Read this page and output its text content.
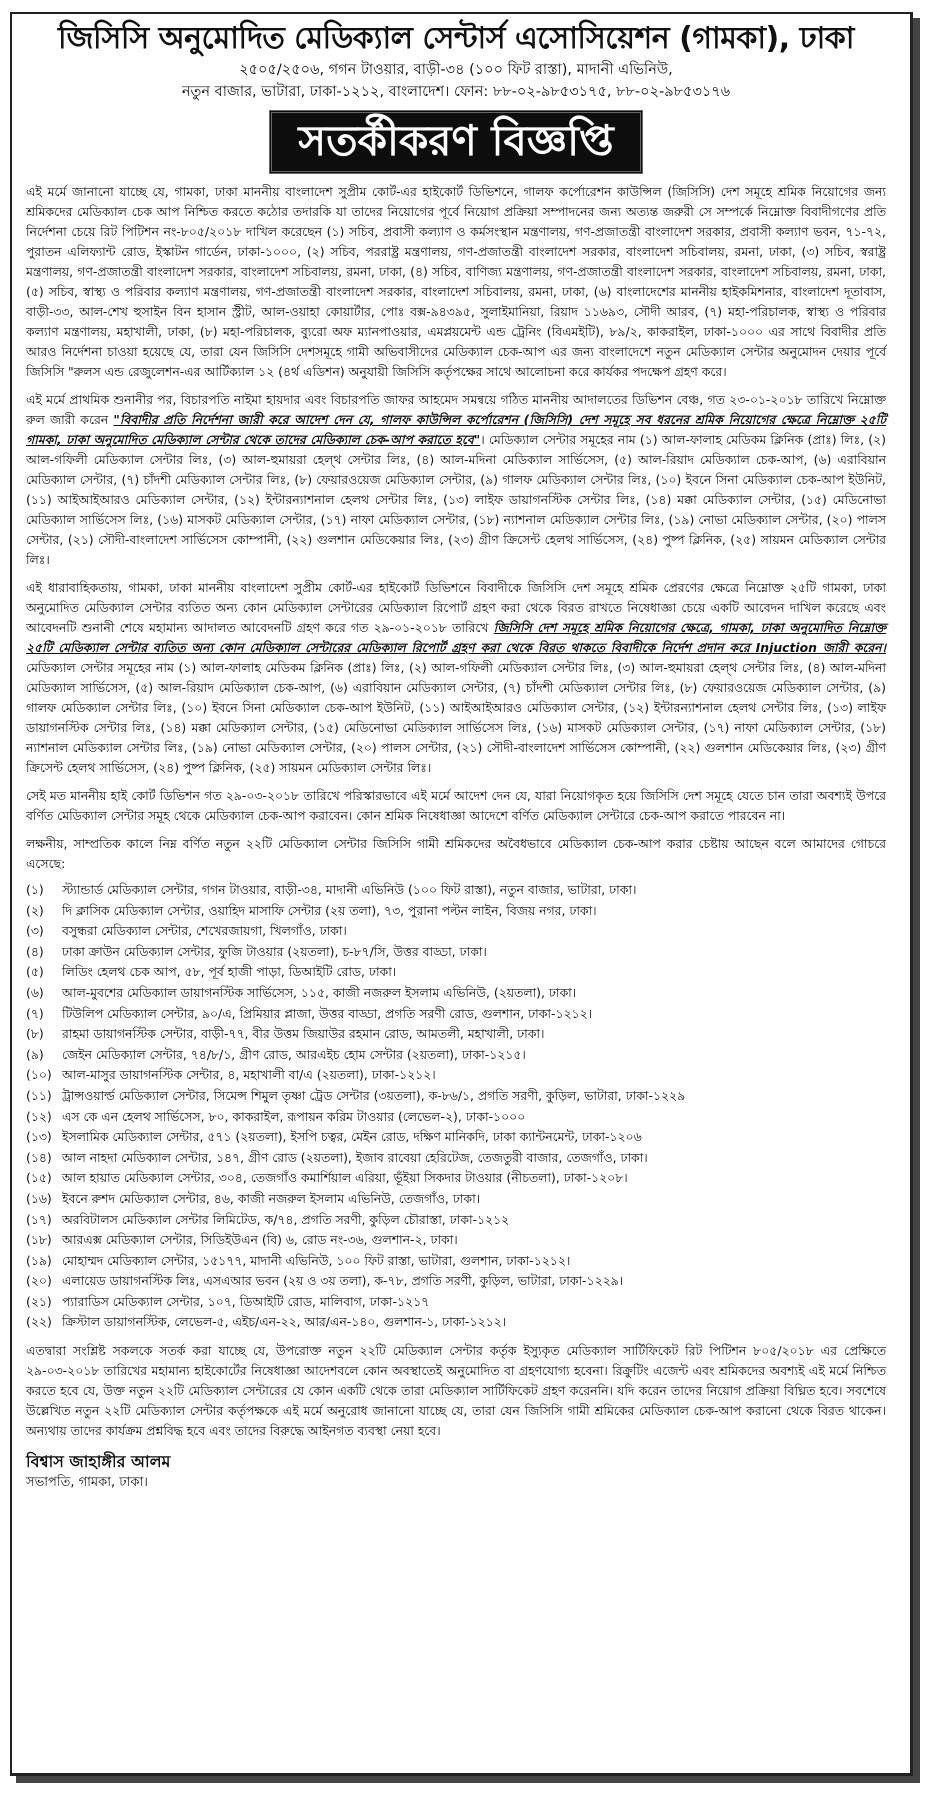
জিসিসি অনুমোদিত মেডিক্যাল সেন্টার্স এসোসিয়েশন (গামকা), ঢাকা

২৫০৫/২৫০৬, গগন টাওয়ার, বাড়ী-৩৪ (১০০ ফিট রাস্তা), মাদানী এভিনিউ,

নতুন বাজার, ভাটারা, ঢাকা-১২১২, বাংলাদেশ। ফোন: ৮৮-০২-৯৮৫৩১৭৫, ৮৮-০২-৯৮৫৩১৭৬

সতর্কীকরণ বিজ্ঞপ্তি

এই মর্মে জানানো যাচ্ছে যে, গামকা, ঢাকা মাননীয় বাংলাদেশ সুপ্রীম কোর্ট-এর হাইকোর্ট ডিভিশনে, গালফ কর্পোরেশন কাউন্সিল (জিসিসি) দেশ সমূহে শ্রমিক নিয়োগের জন্য শ্রমিকদের মেডিক্যাল চেক আপ নিশ্চিত করতে কঠোর তদারকি যা তাদের নিয়োগের পূর্বে নিয়োগ প্রক্রিয়া সম্পাদনের জন্য অত্যন্ত জরুরী সে সম্পর্কে নিম্নোক্ত বিবাদীগণের প্রতি নির্দেশনা চেয়ে রিট পিটিশন নং-৮০৫/২০১৮ দাখিল করেছেন (১) সচিব, প্রবাসী কল্যাণ ও কর্মসংস্থান মন্ত্রণালয়, গণ-প্রজাতন্ত্রী বাংলাদেশ সরকার, প্রবাসী কল্যাণ ভবন, ৭১-৭২, পুরাতন এলিফ্যান্ট রোড, ইস্কাটন গার্ডেন, ঢাকা-১০০০, (২) সচিব, পররাষ্ট্র মন্ত্রণালয়, গণ-প্রজাতন্ত্রী বাংলাদেশ সরকার, বাংলাদেশ সচিবালয়, রমনা, ঢাকা, (৩) সচিব, স্বরাষ্ট্র মন্ত্রণালয়, গণ-প্রজাতন্ত্রী বাংলাদেশ সরকার, বাংলাদেশ সচিবালয়, রমনা, ঢাকা, (৪) সচিব, বাণিজ্য মন্ত্রণালয়, গণ-প্রজাতন্ত্রী বাংলাদেশ সরকার, বাংলাদেশ সচিবালয়, রমনা, ঢাকা, (৫) সচিব, স্বাস্থ্য ও পরিবার কল্যাণ মন্ত্রণালয়, গণ-প্রজাতন্ত্রী বাংলাদেশ সরকার, বাংলাদেশ সচিবালয়, রমনা, ঢাকা, (৬) বাংলাদেশের মাননীয় হাইকমিশনার, বাংলাদেশ দূতাবাস, বাড়ী-৩৩, আল-শেখ হুসাইন বিন হাসান স্ট্রীট, আল-ওয়াহা কোয়ার্টার, পোঃ বক্স-৯৪৩৯৫, সুলাইমানিয়া, রিয়াদ ১১৬৯৩, সৌদী আরব, (৭) মহা-পরিচালক, স্বাস্থ্য ও পরিবার কল্যাণ মন্ত্রণালয়, মহাখালী, ঢাকা, (৮) মহা-পরিচালক, ব্যুরো অফ ম্যানপাওয়ার, এমপ্লয়মেন্ট এন্ড ট্রেনিং (বিএমইটি), ৮৯/২, কাকরাইল, ঢাকা-১০০০ এর সাথে বিবাদীর প্রতি আরও নির্দেশনা চাওয়া হয়েছে যে, তারা যেন জিসিসি দেশসমূহে গামী অভিবাসীদের মেডিক্যাল চেক-আপ এর জন্য বাংলাদেশে নতুন মেডিক্যাল সেন্টার অনুমোদন দেয়ার পূর্বে জিসিসি "রুলস এন্ড রেজুলেশন-এর আর্টিক্যাল ১২ (৪র্থ এডিশন) অনুযায়ী জিসিসি কর্তৃপক্ষের সাথে আলোচনা করে কার্যকর পদক্ষেপ গ্রহণ করে।

এই মর্মে প্রাথমিক শুনানীর পর, বিচারপতি নাইমা হায়দার এবং বিচারপতি জাফর আহমেদ সমন্বয়ে গঠিত মাননীয় আদালতের ডিভিশন বেঞ্চ, গত ২৩-০১-২০১৮ তারিখে নিম্নোক্ত রুল জারী করেন "বিবাদীর প্রতি নির্দেশনা জারী করে আদেশ দেন যে, গালফ কাউন্সিল কর্পোরেশন (জিসিসি) দেশ সমূহে সব ধরনের শ্রমিক নিয়োগের ক্ষেত্রে নিম্নোক্ত ২৫টি গামকা, ঢাকা অনুমোদিত মেডিক্যাল সেন্টার থেকে তাদের মেডিক্যাল চেক-আপ করাতে হবে"। মেডিক্যাল সেন্টার সমূহের নাম (১) আল-ফালাহ মেডিকম ক্লিনিক (প্রাঃ) লিঃ, (২) আল-গফিলী মেডিক্যাল সেন্টার লিঃ, (৩) আল-হুমায়রা হেল্থ সেন্টার লিঃ, (৪) আল-মদিনা মেডিক্যাল সার্ভিসেস, (৫) আল-রিয়াদ মেডিক্যাল চেক-আপ, (৬) এরাবিয়ান মেডিক্যাল সেন্টার, (৭) চাঁদশী মেডিক্যাল সেন্টার লিঃ, (৮) ফেয়ারওয়েজ মেডিক্যাল সেন্টার, (৯) গালফ মেডিক্যাল সেন্টার লিঃ, (১০) ইবনে সিনা মেডিক্যাল চেক-আপ ইউনিট, (১১) আইআইআরও মেডিক্যাল সেন্টার, (১২) ইন্টারন্যাশনাল হেলথ সেন্টার লিঃ, (১৩) লাইফ ডায়াগনস্টিক সেন্টার লিঃ, (১৪) মক্কা মেডিক্যাল সেন্টার, (১৫) মেডিনোভা মেডিক্যাল সার্ভিসেস লিঃ, (১৬) মাসকট মেডিক্যাল সেন্টার, (১৭) নাফা মেডিক্যাল সেন্টার, (১৮) ন্যাশনাল মেডিক্যাল সেন্টার লিঃ, (১৯) নোভা মেডিক্যাল সেন্টার, (২০) পালস সেন্টার, (২১) সৌদী-বাংলাদেশ সার্ভিসেস কোম্পানী, (২২) গুলশান মেডিকেয়ার লিঃ, (২৩) গ্রীণ ক্রিসেন্ট হেলথ সার্ভিসেস, (২৪) পুষ্প ক্লিনিক, (২৫) সায়মন মেডিক্যাল সেন্টার লিঃ।

এই ধারাবাহিকতায়, গামকা, ঢাকা মাননীয় বাংলাদেশ সুপ্রীম কোর্ট-এর হাইকোর্ট ডিভিশনে বিবাদীকে জিসিসি দেশ সমূহে শ্রমিক প্রেরণের ক্ষেত্রে নিম্নোক্ত ২৫টি গামকা, ঢাকা অনুমোদিত মেডিক্যাল সেন্টার ব্যতিত অন্য কোন মেডিক্যাল সেন্টারের মেডিক্যাল রিপোর্ট গ্রহণ করা থেকে বিরত রাখতে নিষেধাজ্ঞা চেয়ে একটি আবেদন দাখিল করেছে এবং আবেদনটি শুনানী শেষে মহামান্য আদালত আবেদনটি গ্রহণ করে গত ২৯-০১-২০১৮ তারিখে জিসিসি দেশ সমূহে শ্রমিক নিয়োগের ক্ষেত্রে, গামকা, ঢাকা অনুমোদিত নিম্নোক্ত ২৫টি মেডিক্যাল সেন্টার ব্যতিত অন্য কোন মেডিক্যাল সেন্টারের মেডিক্যাল রিপোর্ট গ্রহণ করা থেকে বিরত থাকতে বিবাদীকে নির্দেশ প্রদান করে Injuction জারী করেন। মেডিক্যাল সেন্টার সমূহের নাম (১) আল-ফালাহ মেডিকম ক্লিনিক (প্রাঃ) লিঃ, (২) আল-গফিলী মেডিক্যাল সেন্টার লিঃ, (৩) আল-হুমায়রা হেল্থ সেন্টার লিঃ, (৪) আল-মদিনা মেডিক্যাল সার্ভিসেস, (৫) আল-রিয়াদ মেডিক্যাল চেক-আপ, (৬) এরাবিয়ান মেডিক্যাল সেন্টার, (৭) চাঁদশী মেডিক্যাল সেন্টার লিঃ, (৮) ফেয়ারওয়েজ মেডিক্যাল সেন্টার, (৯) গালফ মেডিক্যাল সেন্টার লিঃ, (১০) ইবনে সিনা মেডিক্যাল চেক-আপ ইউনিট, (১১) আইআইআরও মেডিক্যাল সেন্টার, (১২) ইন্টারন্যাশনাল হেলথ সেন্টার লিঃ, (১৩) লাইফ ডায়াগনস্টিক সেন্টার লিঃ, (১৪) মক্কা মেডিক্যাল সেন্টার, (১৫) মেডিনোভা মেডিক্যাল সার্ভিসেস লিঃ, (১৬) মাসকট মেডিক্যাল সেন্টার, (১৭) নাফা মেডিক্যাল সেন্টার, (১৮) ন্যাশনাল মেডিক্যাল সেন্টার লিঃ, (১৯) নোভা মেডিক্যাল সেন্টার, (২০) পালস সেন্টার, (২১) সৌদী-বাংলাদেশ সার্ভিসেস কোম্পানী, (২২) গুলশান মেডিকেয়ার লিঃ, (২৩) গ্রীণ ক্রিসেন্ট হেলথ সার্ভিসেস, (২৪) পুষ্প ক্লিনিক, (২৫) সায়মন মেডিক্যাল সেন্টার লিঃ।

সেই মত মাননীয় হাই কোর্ট ডিভিশন গত ২৯-০৩-২০১৮ তারিখে পরিস্কারভাবে এই মর্মে আদেশ দেন যে, যারা নিয়োগকৃত হয়ে জিসিসি দেশ সমূহে যেতে চান তারা অবশ্যই উপরে বর্ণিত মেডিক্যাল সেন্টার সমূহ থেকে মেডিক্যাল চেক-আপ করাবেন। কোন শ্রমিক নিষেধাজ্ঞা আদেশে বর্ণিত মেডিক্যাল সেন্টারে চেক-আপ করাতে পারবেন না।

লক্ষনীয়, সাম্প্রতিক কালে নিম্ন বর্ণিত নতুন ২২টি মেডিক্যাল সেন্টার জিসিসি গামী শ্রমিকদের অবৈধভাবে মেডিক্যাল চেক-আপ করার চেষ্টায় আছেন বলে আমাদের গোচরে এসেছে:

(১)	স্ট্যান্ডার্ড মেডিক্যাল সেন্টার, গগন টাওয়ার, বাড়ী-৩৪, মাদানী এভিনিউ (১০০ ফিট রাস্তা), নতুন বাজার, ভাটারা, ঢাকা।
(২)	দি ক্লাসিক মেডিক্যাল সেন্টার, ওয়াহিদ মাসাফি সেন্টার (২য় তলা), ৭৩, পুরানা পল্টন লাইন, বিজয় নগর, ঢাকা।
(৩)	বসুন্ধরা মেডিক্যাল সেন্টার, শেখেরজায়গা, খিলগাঁও, ঢাকা।
(৪)	ঢাকা ক্রাউন মেডিক্যাল সেন্টার, ফুজি টাওয়ার (২য়তলা), চ-৮৭/সি, উত্তর বাড্ডা, ঢাকা।
(৫)	লিডিং হেলথ চেক আপ, ৫৮, পূর্ব হাজী পাড়া, ডিআইটি রোড, ঢাকা।
(৬)	আল-মুবশের মেডিক্যাল ডায়াগনস্টিক সার্ভিসেস, ১১৫, কাজী নজরুল ইসলাম এভিনিউ, (২য়তলা), ঢাকা।
(৭)	টিউলিপ মেডিক্যাল সেন্টার, ৯০/এ, প্রিমিয়ার প্লাজা, উত্তর বাড্ডা, প্রগতি সরণী রোড, গুলশান, ঢাকা-১২১২।
(৮)	রাহমা ডায়াগনস্টিক সেন্টার, বাড়ী-৭৭, বীর উত্তম জিয়াউর রহমান রোড, আমতলী, মহাখালী, ঢাকা।
(৯)	জেইন মেডিক্যাল সেন্টার, ৭৪/৮/১, গ্রীণ রোড, আরএইচ হোম সেন্টার (২য়তলা), ঢাকা-১২১৫।
(১০) আল-মাসুর ডায়াগনস্টিক সেন্টার, ৪, মহাখালী বা/এ (২য়তলা), ঢাকা-১২১২।
(১১) ট্রান্সওয়ার্ল্ড মেডিক্যাল সেন্টার, সিমেন্স শিমুল তৃষ্ণা ট্রেড সেন্টার (৩য়তলা), ক-৮৬/১, প্রগতি সরণী, কুড়িল, ভাটারা, ঢাকা-১২২৯
(১২) এস কে এন হেলথ সার্ভিসেস, ৮০, কাকরাইল, রূপায়ন করিম টাওয়ার (লেভেল-২), ঢাকা-১০০০
(১৩) ইসলামিক মেডিক্যাল সেন্টার, ৫৭১ (২য়তলা), ইসপি চত্বর, মেইন রোড, দক্ষিণ মানিকদি, ঢাকা ক্যান্টনমেন্ট, ঢাকা-১২০৬
(১৪) আল নাহদা মেডিক্যাল সেন্টার, ১৪৭, গ্রীণ রোড (২য়তলা), ইজাব রাবেয়া হেরিটেজ, তেজতুরী বাজার, তেজগাঁও, ঢাকা।
(১৫) আল হায়াত মেডিক্যাল সেন্টার, ৩০৪, তেজগাঁও কমার্শিয়াল এরিয়া, ভূঁইয়া সিকদার টাওয়ার (নীচতলা), ঢাকা-১২০৮।
(১৬) ইবনে রুশদ মেডিক্যাল সেন্টার, ৪৬, কাজী নজরুল ইসলাম এভিনিউ, তেজগাঁও, ঢাকা।
(১৭) অরবিটালস মেডিক্যাল সেন্টার লিমিটেড, ক/৭৪, প্রগতি সরণী, কুড়িল চৌরাস্তা, ঢাকা-১২১২
(১৮) আরএক্স মেডিক্যাল সেন্টার, সিডিইউএন (বি) ৬, রোড নং-৩৬, গুলশান-২, ঢাকা।
(১৯) মোহাম্মদ মেডিক্যাল সেন্টার, ১৫১৭৭, মাদানী এভিনিউ, ১০০ ফিট রাস্তা, ভাটারা, গুলশান, ঢাকা-১২১২।
(২০) এলায়েড ডায়াগনস্টিক লিঃ, এসএআর ভবন (২য় ও ৩য় তলা), ক-৭৮, প্রগতি সরণী, কুড়িল, ভাটারা, ঢাকা-১২২৯।
(২১) প্যারাডিস মেডিক্যাল সেন্টার, ১০৭, ডিআইটি রোড, মালিবাগ, ঢাকা-১২১৭
(২২) ক্রিস্টাল ডায়াগনস্টিক, লেভেল-৫, এইচ/এন-২২, আর/এন-১৪০, গুলশান-১, ঢাকা-১২১২।

এতদ্বারা সংশ্লিষ্ট সকলকে সতর্ক করা যাচ্ছে যে, উপরোক্ত নতুন ২২টি মেডিক্যাল সেন্টার কর্তৃক ইস্যুকৃত মেডিক্যাল সার্টিফিকেট রিট পিটিশন ৮০৫/২০১৮ এর প্রেক্ষিতে ২৯-০৩-২০১৮ তারিখের মহামান্য হাইকোর্টের নিষেধাজ্ঞা আদেশবলে কোন অবস্থাতেই অনুমোদিত বা গ্রহণযোগ্য হবেনা। রিক্রুটিং এজেন্ট এবং শ্রমিকদের অবশ্যই এই মর্মে নিশ্চিত করতে হবে যে, উক্ত নতুন ২২টি মেডিক্যাল সেন্টারের যে কোন একটি থেকে তারা মেডিক্যাল সার্টিফিকেট গ্রহণ করেননি। যদি করেন তাদের নিয়োগ প্রক্রিয়া বিঘ্নিত হবে। সবশেষে উল্লেখিত নতুন ২২টি মেডিক্যাল সেন্টার কর্তৃপক্ষকে এই মর্মে অনুরোধ জানানো যাচ্ছে যে, তারা যেন জিসিসি গামী শ্রমিকের মেডিক্যাল চেক-আপ করানো থেকে বিরত থাকেন। অন্যথায় তাদের কার্যক্রম প্রশ্নবিদ্ধ হবে এবং তাদের বিরুদ্ধে আইনগত ব্যবস্থা নেয়া হবে।

বিশ্বাস জাহাঙ্গীর আলম
সভাপতি, গামকা, ঢাকা।
